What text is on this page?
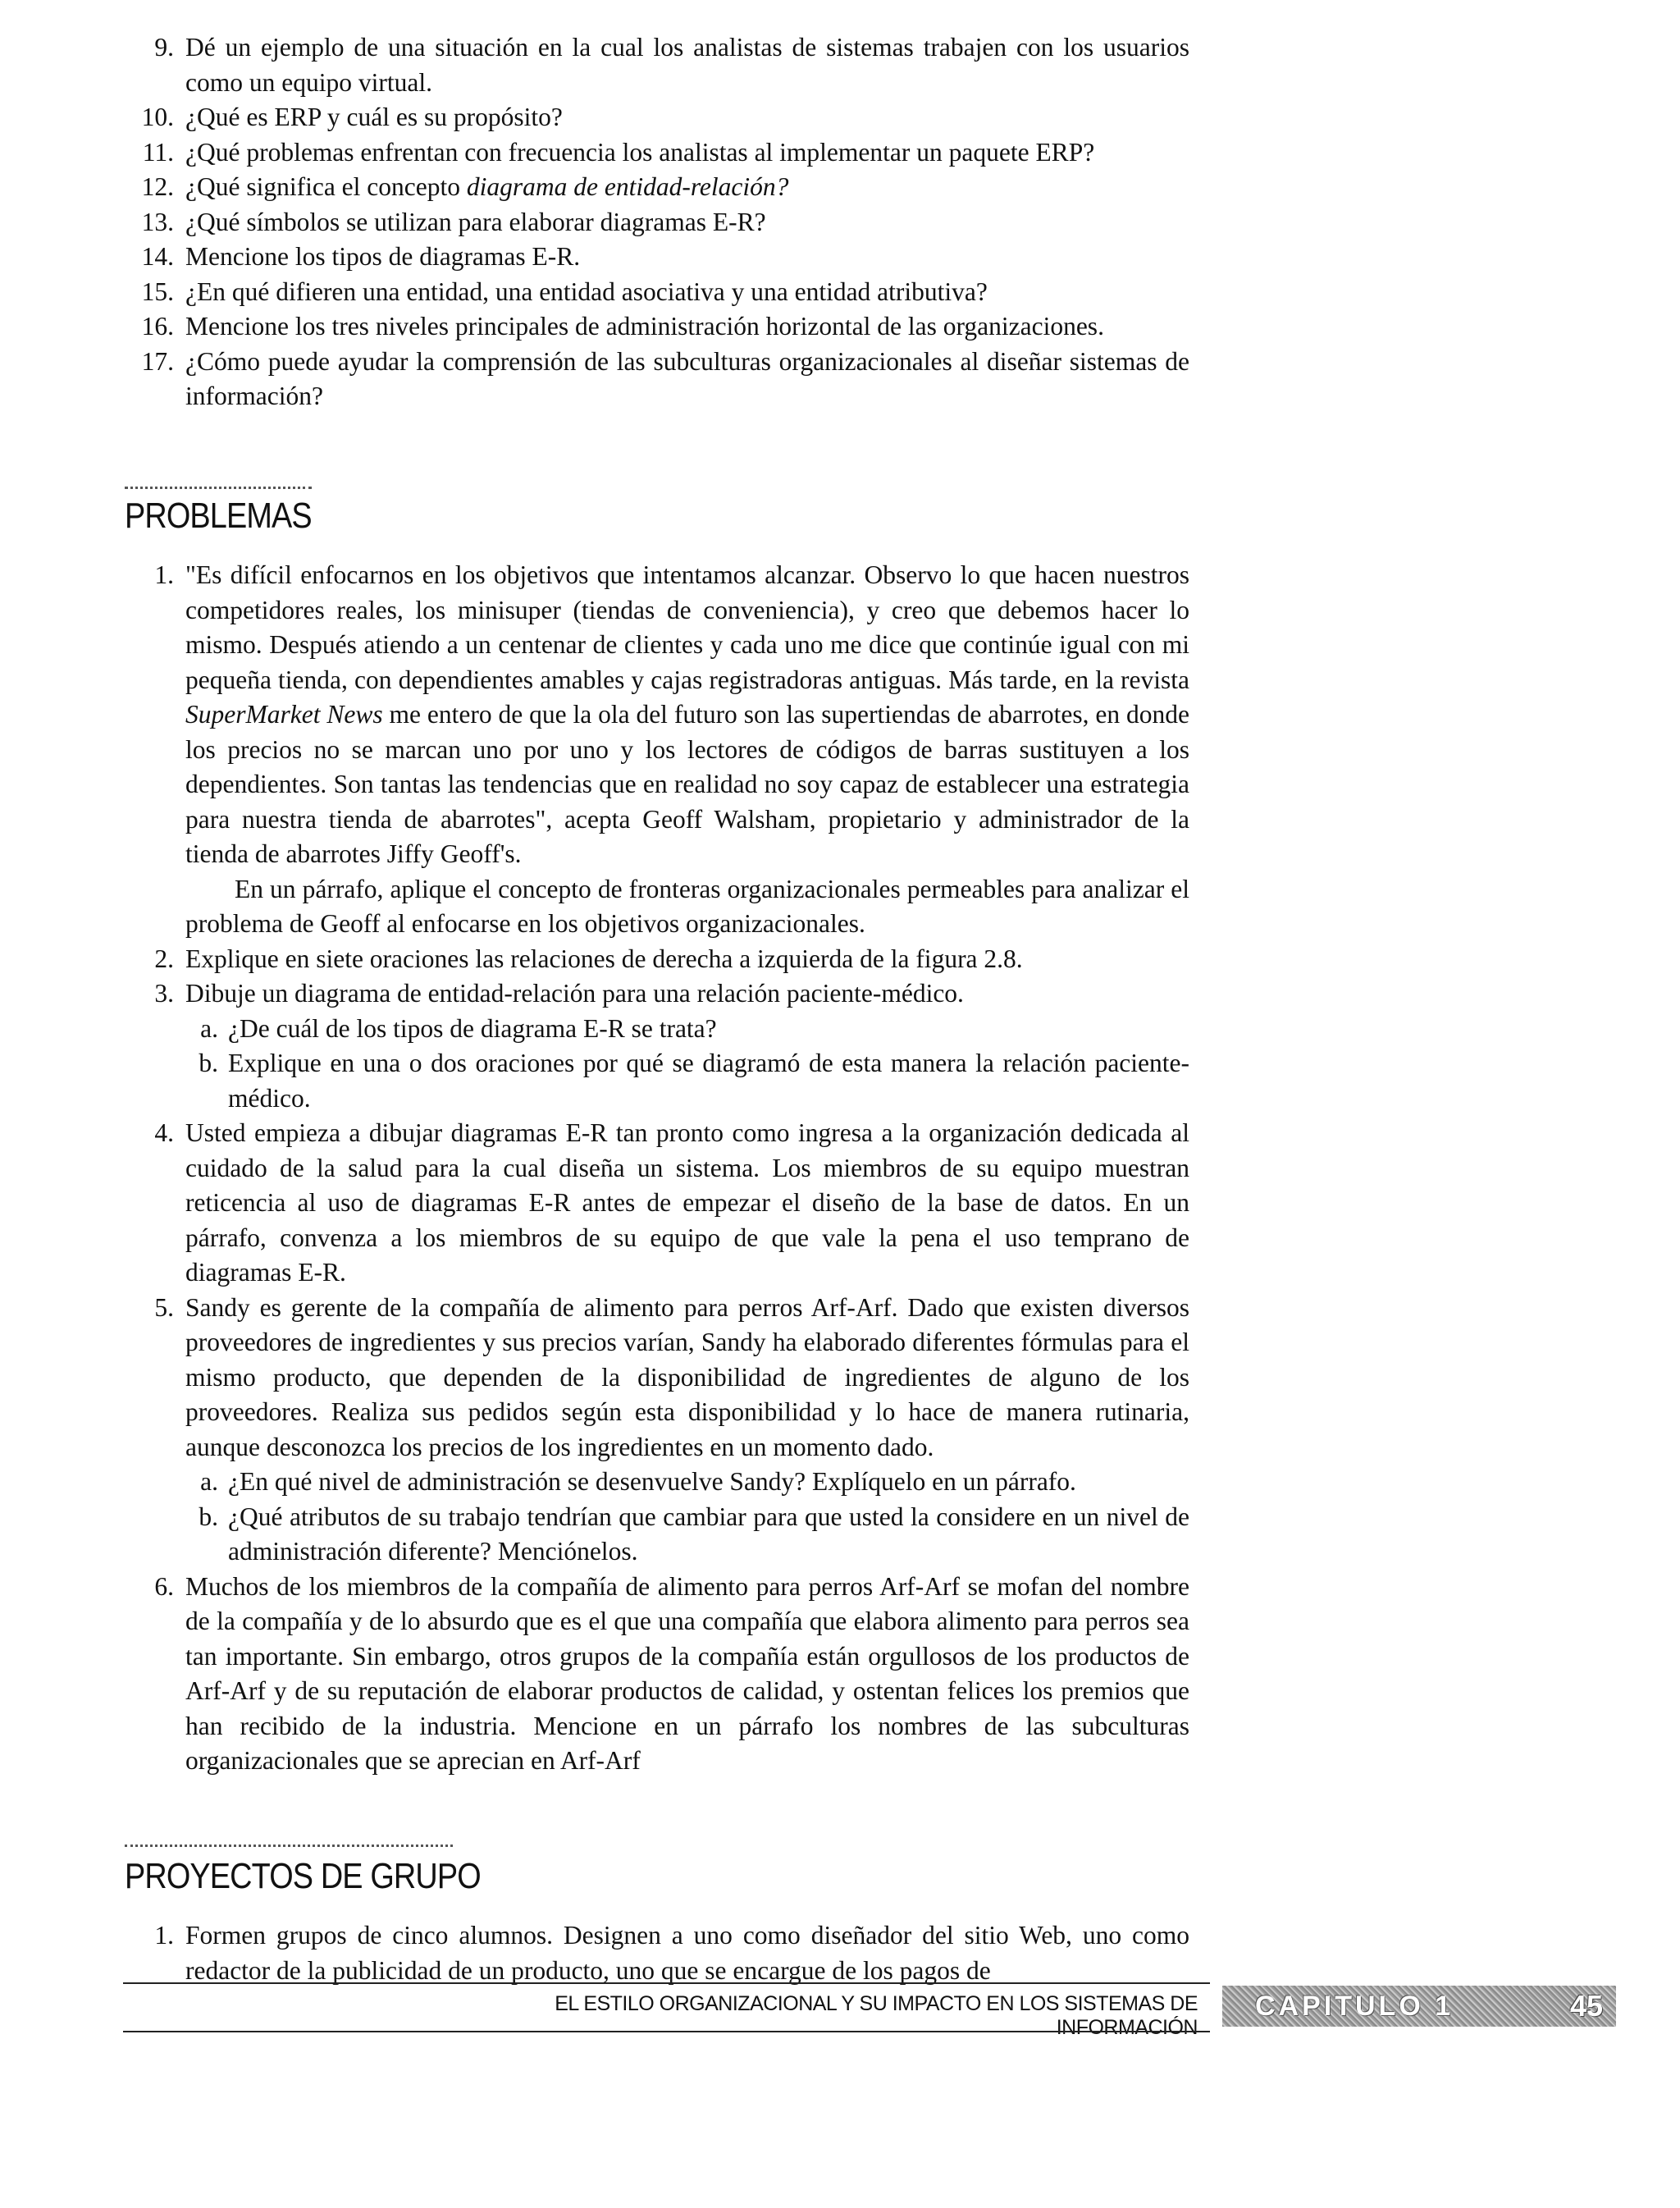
9. Dé un ejemplo de una situación en la cual los analistas de sistemas trabajen con los usuarios como un equipo virtual.
10. ¿Qué es ERP y cuál es su propósito?
11. ¿Qué problemas enfrentan con frecuencia los analistas al implementar un paquete ERP?
12. ¿Qué significa el concepto diagrama de entidad-relación?
13. ¿Qué símbolos se utilizan para elaborar diagramas E-R?
14. Mencione los tipos de diagramas E-R.
15. ¿En qué difieren una entidad, una entidad asociativa y una entidad atributiva?
16. Mencione los tres niveles principales de administración horizontal de las organizaciones.
17. ¿Cómo puede ayudar la comprensión de las subculturas organizacionales al diseñar sistemas de información?
PROBLEMAS
1. "Es difícil enfocarnos en los objetivos que intentamos alcanzar. Observo lo que hacen nuestros competidores reales, los minisuper (tiendas de conveniencia), y creo que debemos hacer lo mismo. Después atiendo a un centenar de clientes y cada uno me dice que continúe igual con mi pequeña tienda, con dependientes amables y cajas registradoras antiguas. Más tarde, en la revista SuperMarket News me entero de que la ola del futuro son las supertiendas de abarrotes, en donde los precios no se marcan uno por uno y los lectores de códigos de barras sustituyen a los dependientes. Son tantas las tendencias que en realidad no soy capaz de establecer una estrategia para nuestra tienda de abarrotes", acepta Geoff Walsham, propietario y administrador de la tienda de abarrotes Jiffy Geoff's.
En un párrafo, aplique el concepto de fronteras organizacionales permeables para analizar el problema de Geoff al enfocarse en los objetivos organizacionales.
2. Explique en siete oraciones las relaciones de derecha a izquierda de la figura 2.8.
3. Dibuje un diagrama de entidad-relación para una relación paciente-médico.
a. ¿De cuál de los tipos de diagrama E-R se trata?
b. Explique en una o dos oraciones por qué se diagramó de esta manera la relación paciente-médico.
4. Usted empieza a dibujar diagramas E-R tan pronto como ingresa a la organización dedicada al cuidado de la salud para la cual diseña un sistema. Los miembros de su equipo muestran reticencia al uso de diagramas E-R antes de empezar el diseño de la base de datos. En un párrafo, convenza a los miembros de su equipo de que vale la pena el uso temprano de diagramas E-R.
5. Sandy es gerente de la compañía de alimento para perros Arf-Arf. Dado que existen diversos proveedores de ingredientes y sus precios varían, Sandy ha elaborado diferentes fórmulas para el mismo producto, que dependen de la disponibilidad de ingredientes de alguno de los proveedores. Realiza sus pedidos según esta disponibilidad y lo hace de manera rutinaria, aunque desconozca los precios de los ingredientes en un momento dado.
a. ¿En qué nivel de administración se desenvuelve Sandy? Explíquelo en un párrafo.
b. ¿Qué atributos de su trabajo tendrían que cambiar para que usted la considere en un nivel de administración diferente? Menciónelos.
6. Muchos de los miembros de la compañía de alimento para perros Arf-Arf se mofan del nombre de la compañía y de lo absurdo que es el que una compañía que elabora alimento para perros sea tan importante. Sin embargo, otros grupos de la compañía están orgullosos de los productos de Arf-Arf y de su reputación de elaborar productos de calidad, y ostentan felices los premios que han recibido de la industria. Mencione en un párrafo los nombres de las subculturas organizacionales que se aprecian en Arf-Arf
PROYECTOS DE GRUPO
1. Formen grupos de cinco alumnos. Designen a uno como diseñador del sitio Web, uno como redactor de la publicidad de un producto, uno que se encargue de los pagos de
EL ESTILO ORGANIZACIONAL Y SU IMPACTO EN LOS SISTEMAS DE INFORMACIÓN
CAPITULO 1	45
